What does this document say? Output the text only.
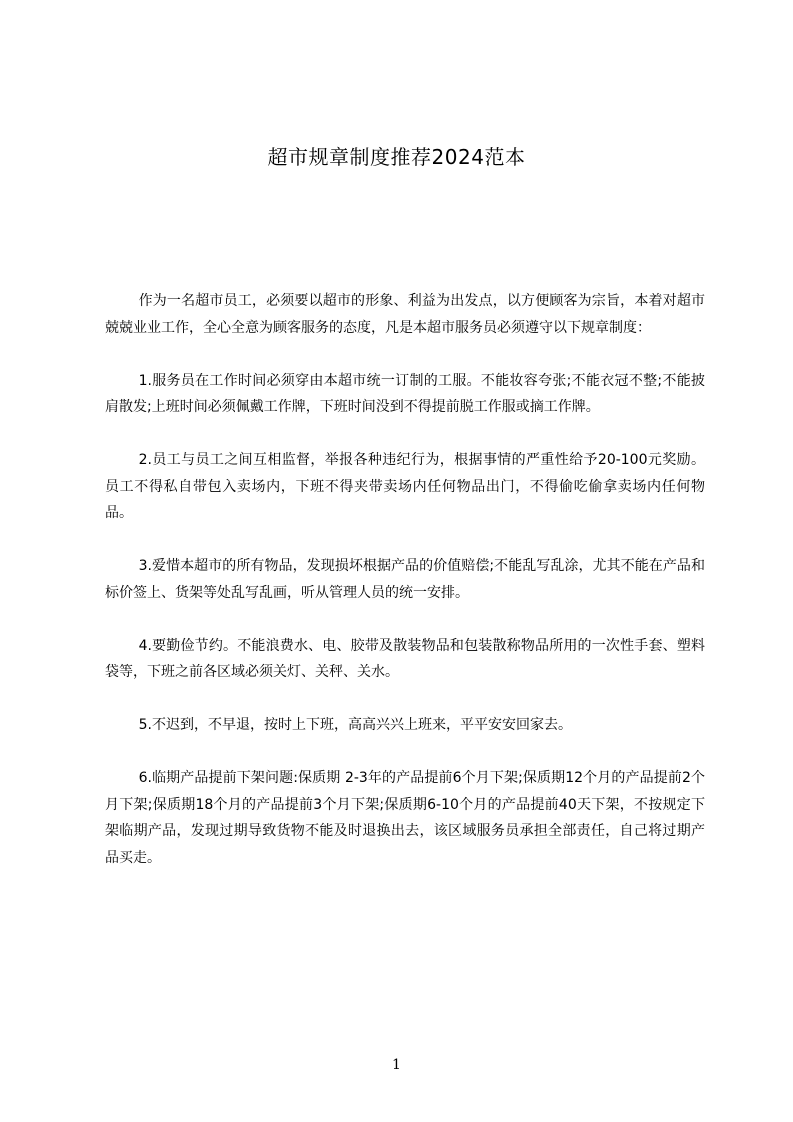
超市规章制度推荐2024范本

作为一名超市员工，必须要以超市的形象、利益为出发点，以方便顾客为宗旨，本着对超市兢兢业业工作，全心全意为顾客服务的态度，凡是本超市服务员必须遵守以下规章制度：

1.服务员在工作时间必须穿由本超市统一订制的工服。不能妆容夸张;不能衣冠不整;不能披肩散发;上班时间必须佩戴工作牌，下班时间没到不得提前脱工作服或摘工作牌。

2.员工与员工之间互相监督，举报各种违纪行为，根据事情的严重性给予20-100元奖励。员工不得私自带包入卖场内，下班不得夹带卖场内任何物品出门，不得偷吃偷拿卖场内任何物品。

3.爱惜本超市的所有物品，发现损坏根据产品的价值赔偿;不能乱写乱涂，尤其不能在产品和标价签上、货架等处乱写乱画，听从管理人员的统一安排。

4.要勤俭节约。不能浪费水、电、胶带及散装物品和包装散称物品所用的一次性手套、塑料袋等，下班之前各区域必须关灯、关秤、关水。

5.不迟到，不早退，按时上下班，高高兴兴上班来，平平安安回家去。

6.临期产品提前下架问题:保质期 2-3年的产品提前6个月下架;保质期12个月的产品提前2个月下架;保质期18个月的产品提前3个月下架;保质期6-10个月的产品提前40天下架，不按规定下架临期产品，发现过期导致货物不能及时退换出去，该区域服务员承担全部责任，自己将过期产品买走。

1
